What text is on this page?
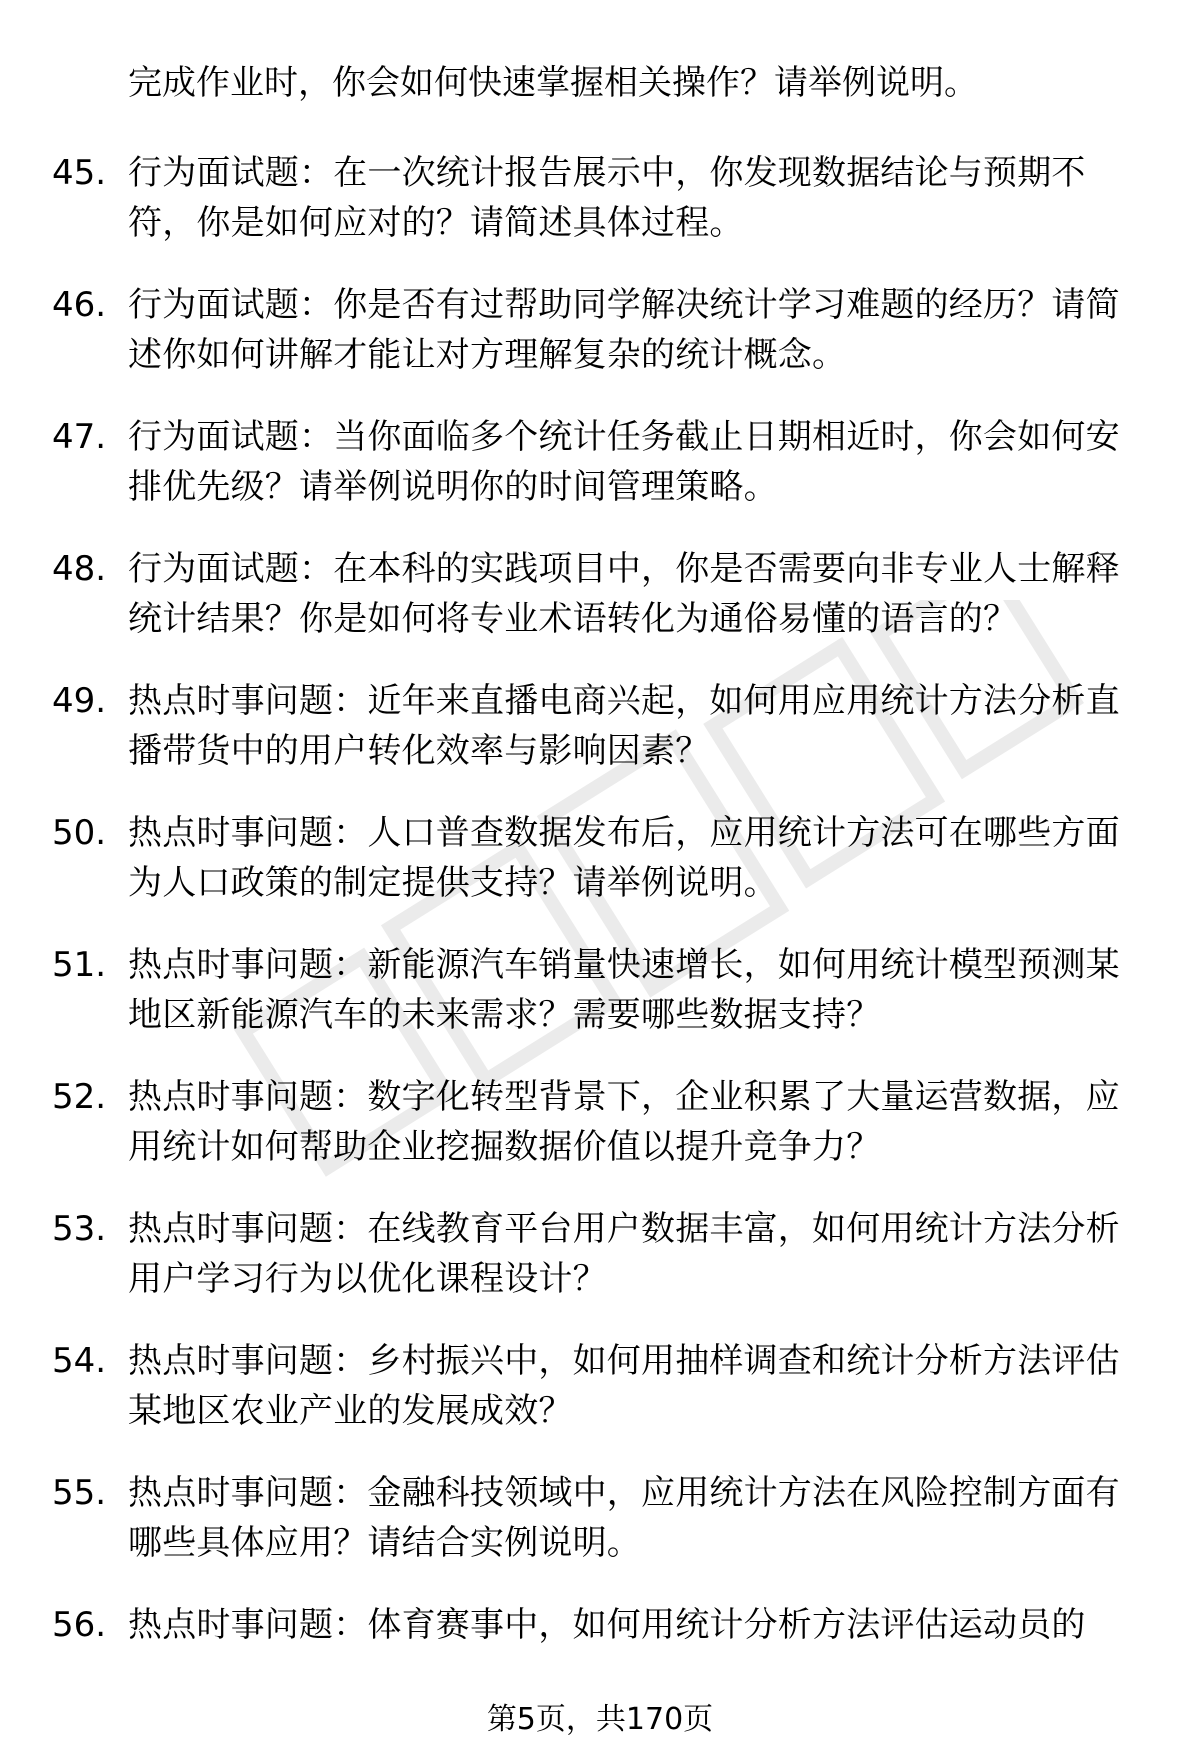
完成作业时，你会如何快速掌握相关操作？请举例说明。
45. 行为面试题：在一次统计报告展示中，你发现数据结论与预期不符，你是如何应对的？请简述具体过程。
46. 行为面试题：你是否有过帮助同学解决统计学习难题的经历？请简述你如何讲解才能让对方理解复杂的统计概念。
47. 行为面试题：当你面临多个统计任务截止日期相近时，你会如何安排优先级？请举例说明你的时间管理策略。
48. 行为面试题：在本科的实践项目中，你是否需要向非专业人士解释统计结果？你是如何将专业术语转化为通俗易懂的语言的？
49. 热点时事问题：近年来直播电商兴起，如何用应用统计方法分析直播带货中的用户转化效率与影响因素？
50. 热点时事问题：人口普查数据发布后，应用统计方法可在哪些方面为人口政策的制定提供支持？请举例说明。
51. 热点时事问题：新能源汽车销量快速增长，如何用统计模型预测某地区新能源汽车的未来需求？需要哪些数据支持？
52. 热点时事问题：数字化转型背景下，企业积累了大量运营数据，应用统计如何帮助企业挖掘数据价值以提升竞争力？
53. 热点时事问题：在线教育平台用户数据丰富，如何用统计方法分析用户学习行为以优化课程设计？
54. 热点时事问题：乡村振兴中，如何用抽样调查和统计分析方法评估某地区农业产业的发展成效？
55. 热点时事问题：金融科技领域中，应用统计方法在风险控制方面有哪些具体应用？请结合实例说明。
56. 热点时事问题：体育赛事中，如何用统计分析方法评估运动员的
第5页，共170页
